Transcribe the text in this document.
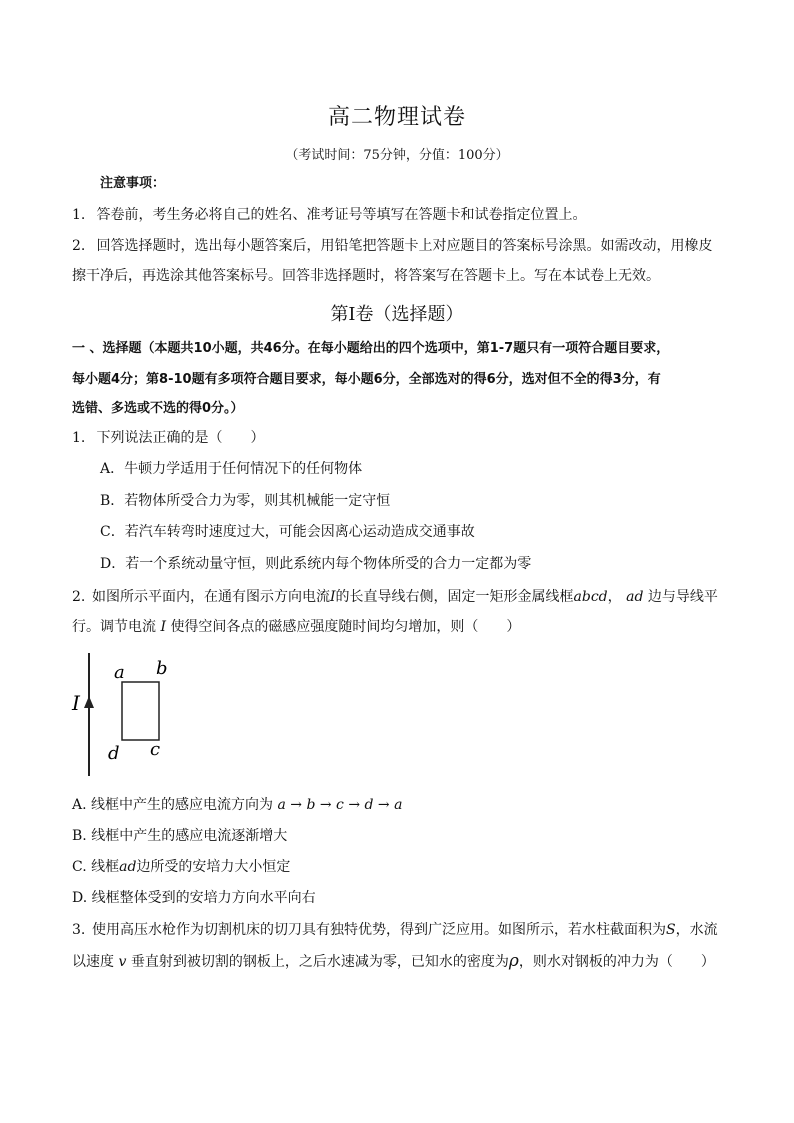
高二物理试卷
（考试时间：75分钟，分值：100分）
注意事项：
1. 答卷前，考生务必将自己的姓名、准考证号等填写在答题卡和试卷指定位置上。
2. 回答选择题时，选出每小题答案后，用铅笔把答题卡上对应题目的答案标号涂黑。如需改动，用橡皮
擦干净后，再选涂其他答案标号。回答非选择题时，将答案写在答题卡上。写在本试卷上无效。
第Ⅰ卷（选择题）
一 、选择题（本题共10小题，共46分。在每小题给出的四个选项中，第1-7题只有一项符合题目要求，
每小题4分；第8-10题有多项符合题目要求，每小题6分，全部选对的得6分，选对但不全的得3分，有
选错、多选或不选的得0分。）
1. 下列说法正确的是（　　）
A．牛顿力学适用于任何情况下的任何物体
B．若物体所受合力为零，则其机械能一定守恒
C．若汽车转弯时速度过大，可能会因离心运动造成交通事故
D．若一个系统动量守恒，则此系统内每个物体所受的合力一定都为零
2. 如图所示平面内，在通有图示方向电流I的长直导线右侧，固定一矩形金属线框abcd， ad 边与导线平
行。调节电流 I 使得空间各点的磁感应强度随时间均匀增加，则（　　）
I
a b
c
d
A. 线框中产生的感应电流方向为 a → b → c → d → a
B. 线框中产生的感应电流逐渐增大
C. 线框ad边所受的安培力大小恒定
D. 线框整体受到的安培力方向水平向右
3. 使用高压水枪作为切割机床的切刀具有独特优势，得到广泛应用。如图所示，若水柱截面积为S，水流
以速度 v 垂直射到被切割的钢板上，之后水速减为零，已知水的密度为ρ，则水对钢板的冲力为（　　）
